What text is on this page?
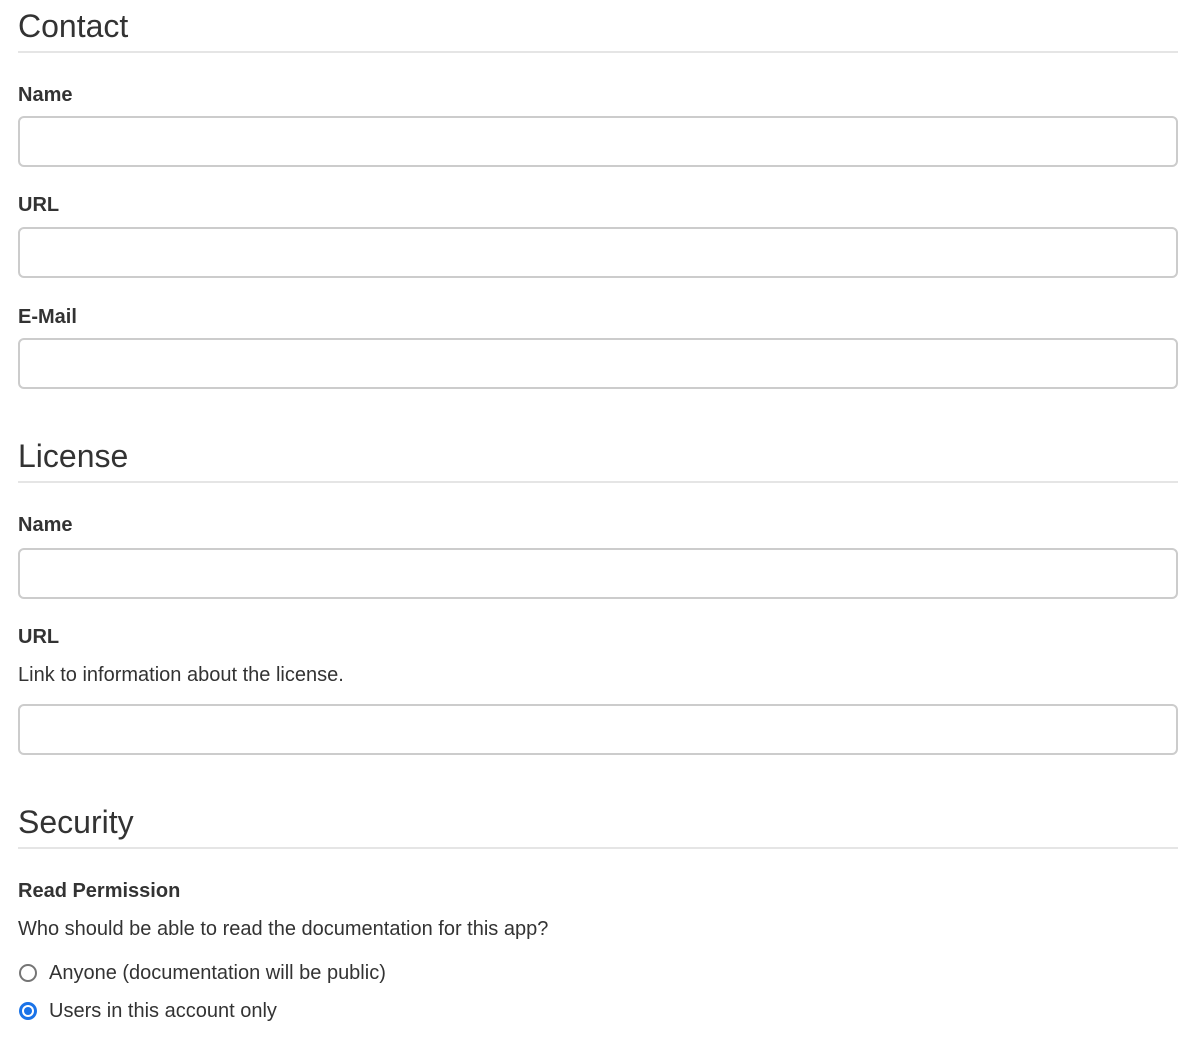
Contact
Name
URL
E-Mail
License
Name
URL
Link to information about the license.
Security
Read Permission
Who should be able to read the documentation for this app?
Anyone (documentation will be public)
Users in this account only
